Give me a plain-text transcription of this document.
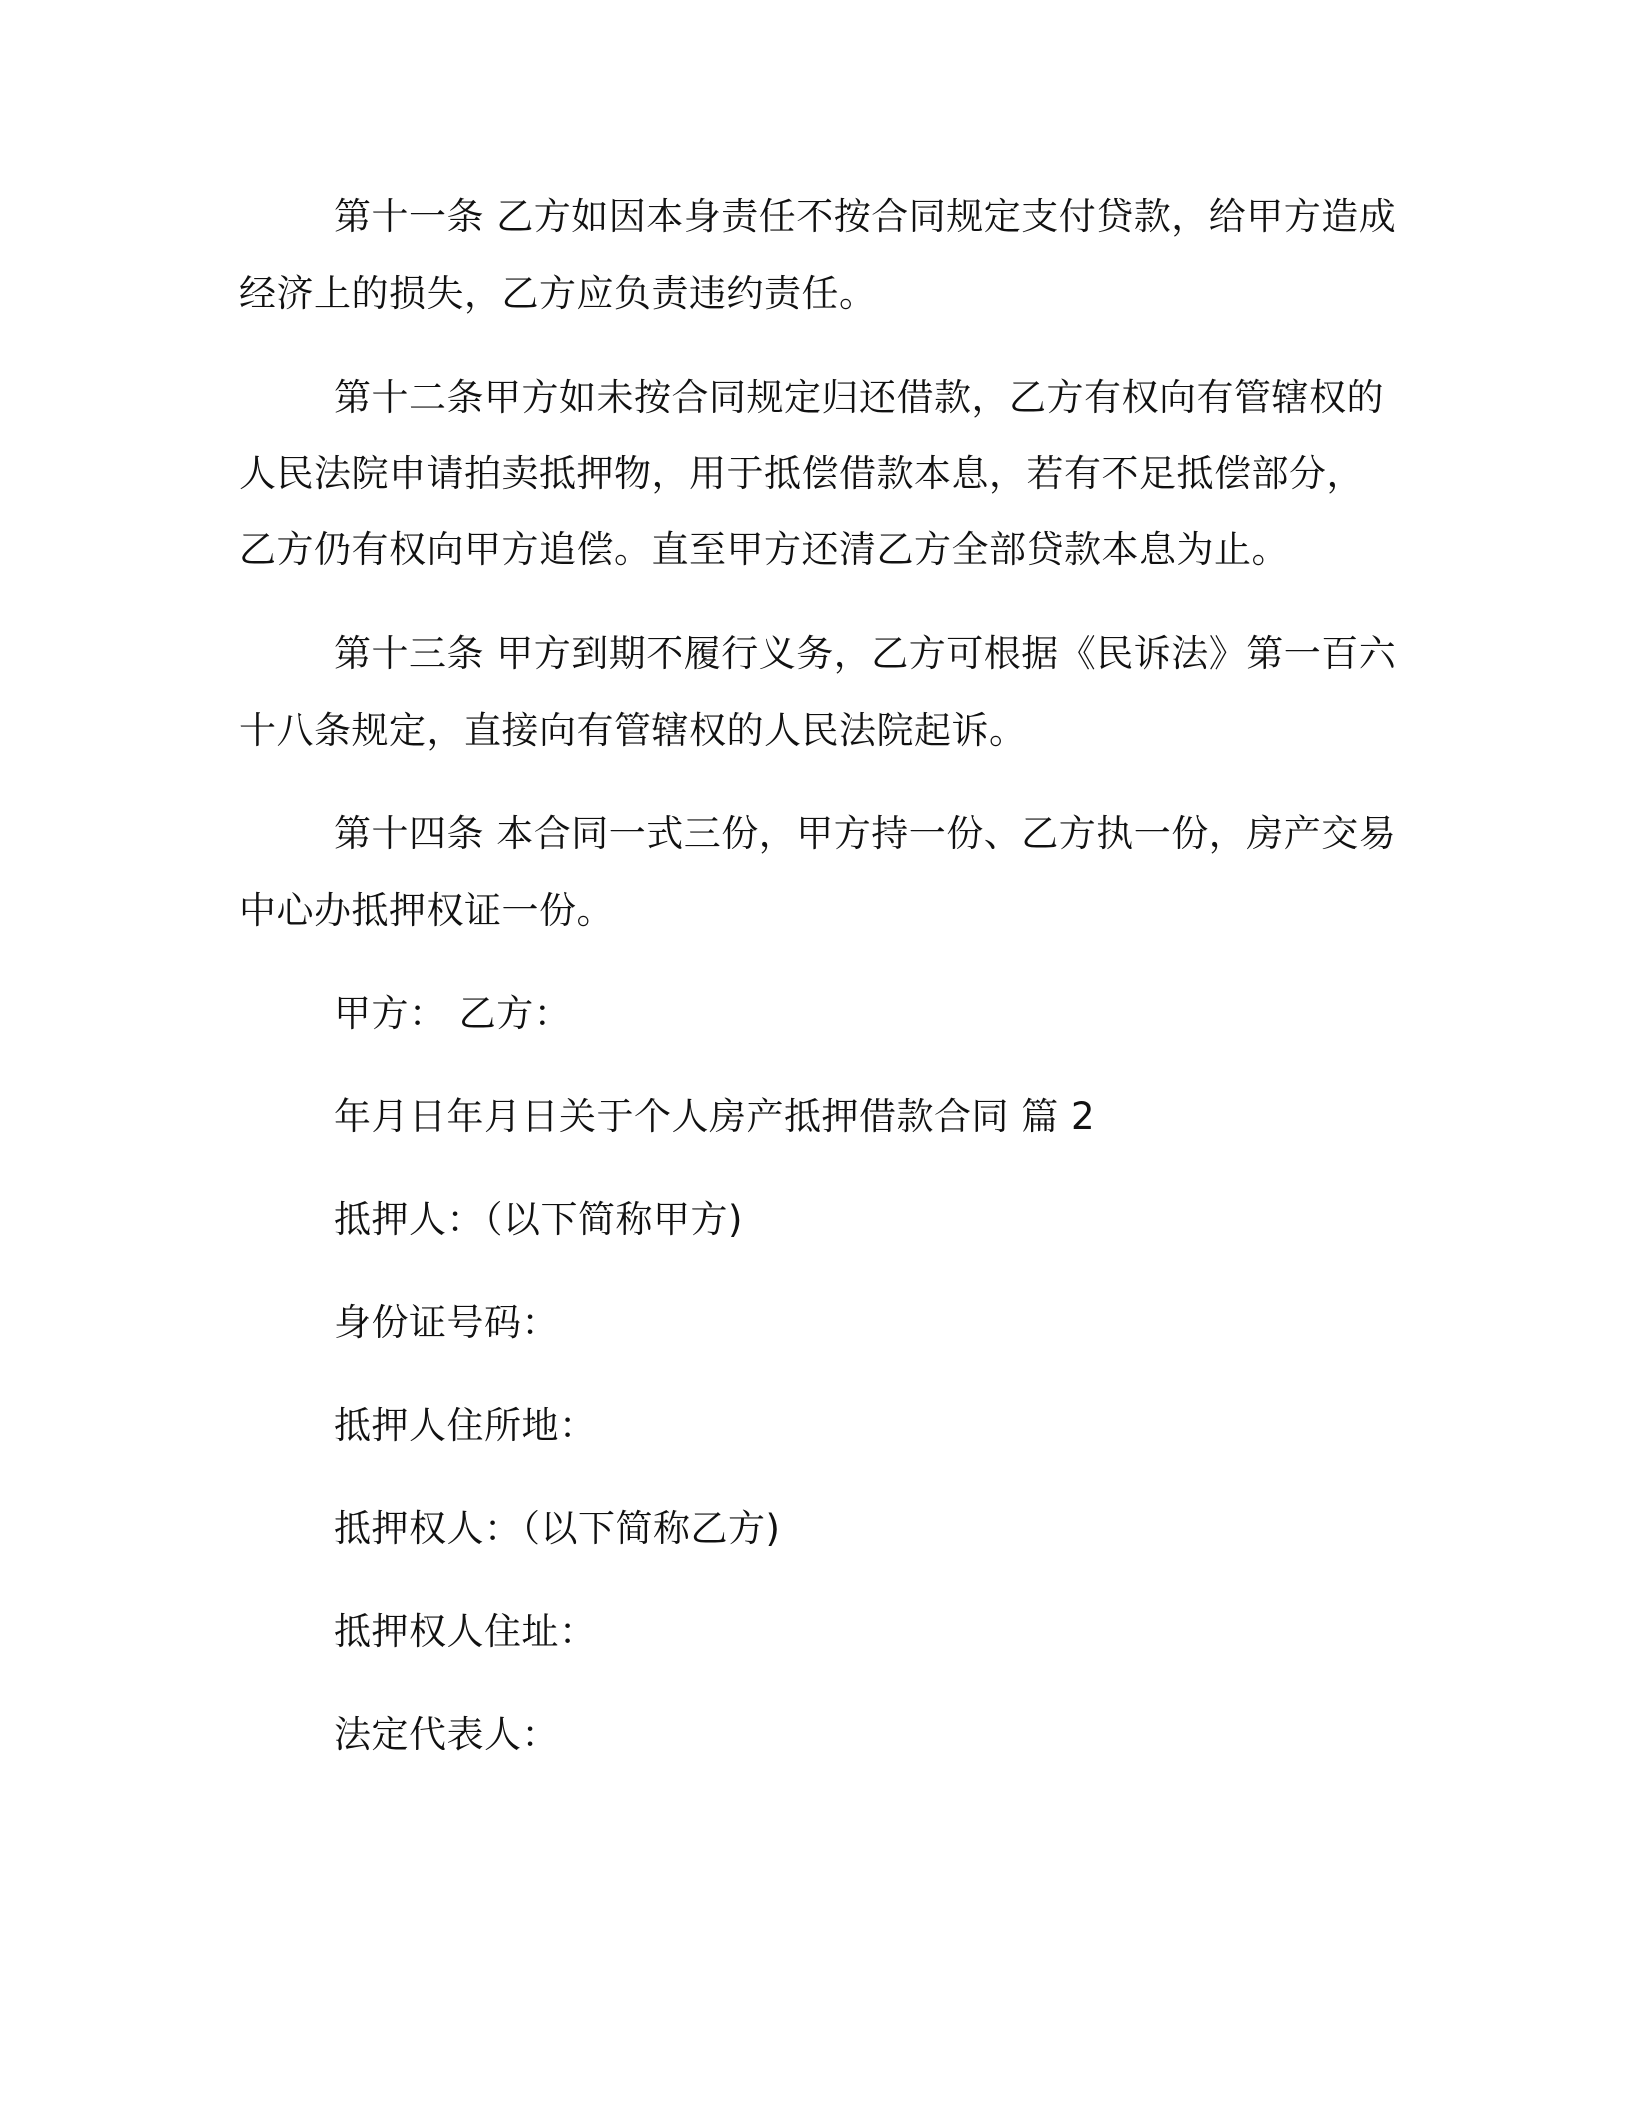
第十一条 乙方如因本身责任不按合同规定支付贷款，给甲方造成
经济上的损失，乙方应负责违约责任。
第十二条甲方如未按合同规定归还借款，乙方有权向有管辖权的
人民法院申请拍卖抵押物，用于抵偿借款本息，若有不足抵偿部分，
乙方仍有权向甲方追偿。直至甲方还清乙方全部贷款本息为止。
第十三条 甲方到期不履行义务，乙方可根据《民诉法》第一百六
十八条规定，直接向有管辖权的人民法院起诉。
第十四条 本合同一式三份，甲方持一份、乙方执一份，房产交易
中心办抵押权证一份。
甲方： 乙方：
年月日年月日关于个人房产抵押借款合同 篇 2
抵押人：（以下简称甲方)
身份证号码：
抵押人住所地：
抵押权人：（以下简称乙方)
抵押权人住址：
法定代表人：
